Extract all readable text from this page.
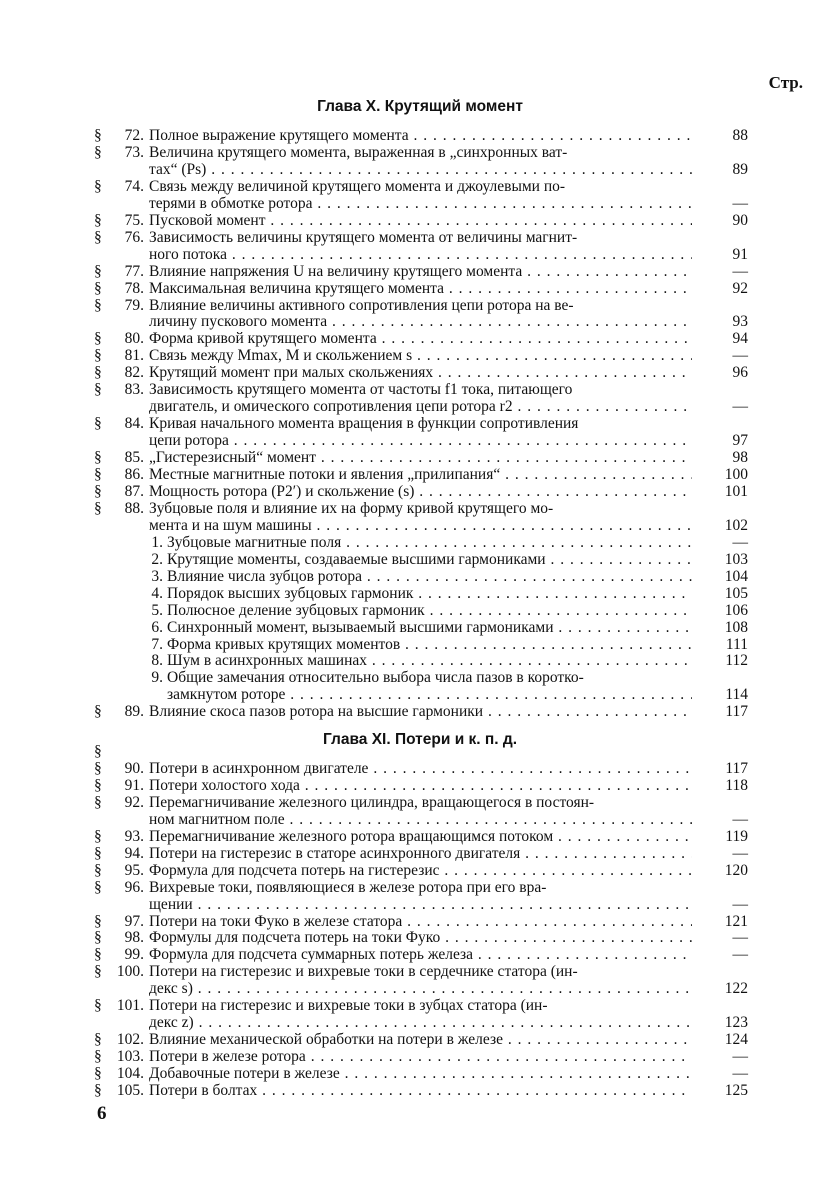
Стр.
Глава X. Крутящий момент
§	72. Полное выражение крутящего момента . . .	88
§	73. Величина крутящего момента, выраженная в „синхронных ват-
тах“ (Ps) . . .	89
§	74. Связь между величиной крутящего момента и джоулевыми по-
терями в обмотке ротора . . .	—
§	75. Пусковой момент . . .	90
§	76. Зависимость величины крутящего момента от величины магнит-
ного потока . . .	91
§	77. Влияние напряжения U на величину крутящего момента . . .	—
§	78. Максимальная величина крутящего момента . . .	92
§	79. Влияние величины активного сопротивления цепи ротора на ве-
личину пускового момента . . .	93
§	80. Форма кривой крутящего момента . . .	94
§	81. Связь между Mmax, M и скольжением s . . .	—
§	82. Крутящий момент при малых скольжениях . . .	96
§	83. Зависимость крутящего момента от частоты f1 тока, питающего
двигатель, и омического сопротивления цепи ротора r2 . . .	—
§	84. Кривая начального момента вращения в функции сопротивления
цепи ротора . . .	97
§	85. „Гистерезисный“ момент . . .	98
§	86. Местные магнитные потоки и явления „прилипания“ . . .	100
§	87. Мощность ротора (P2′) и скольжение (s) . . .	101
§	88. Зубцовые поля и влияние их на форму кривой крутящего мо-
мента и на шум машины . . .	102
1. Зубцовые магнитные поля . . .	—
2. Крутящие моменты, создаваемые высшими гармониками . . .	103
3. Влияние числа зубцов ротора . . .	104
4. Порядок высших зубцовых гармоник . . .	105
5. Полюсное деление зубцовых гармоник . . .	106
6. Синхронный момент, вызываемый высшими гармониками . . .	108
7. Форма кривых крутящих моментов . . .	111
8. Шум в асинхронных машинах . . .	112
9. Общие замечания относительно выбора числа пазов в коротко-
замкнутом роторе . . .	114
§	89. Влияние скоса пазов ротора на высшие гармоники . . .	117
Глава XI. Потери и к. п. д.
§
§	90. Потери в асинхронном двигателе . . .	117
§	91. Потери холостого хода . . .	118
§	92. Перемагничивание железного цилиндра, вращающегося в постоян-
ном магнитном поле . . .	—
§	93. Перемагничивание железного ротора вращающимся потоком . . .	119
§	94. Потери на гистерезис в статоре асинхронного двигателя . . .	—
§	95. Формула для подсчета потерь на гистерезис . . .	120
§	96. Вихревые токи, появляющиеся в железе ротора при его вра-
щении . . .	—
§	97. Потери на токи Фуко в железе статора . . .	121
§	98. Формулы для подсчета потерь на токи Фуко . . .	—
§	99. Формула для подсчета суммарных потерь железа . . .	—
§ 100. Потери на гистерезис и вихревые токи в сердечнике статора (ин-
декс s) . . .	122
§ 101. Потери на гистерезис и вихревые токи в зубцах статора (ин-
декс z) . . .	123
§ 102. Влияние механической обработки на потери в железе . . .	124
§ 103. Потери в железе ротора . . .	—
§ 104. Добавочные потери в железе . . .	—
§ 105. Потери в болтах . . .	125
6
